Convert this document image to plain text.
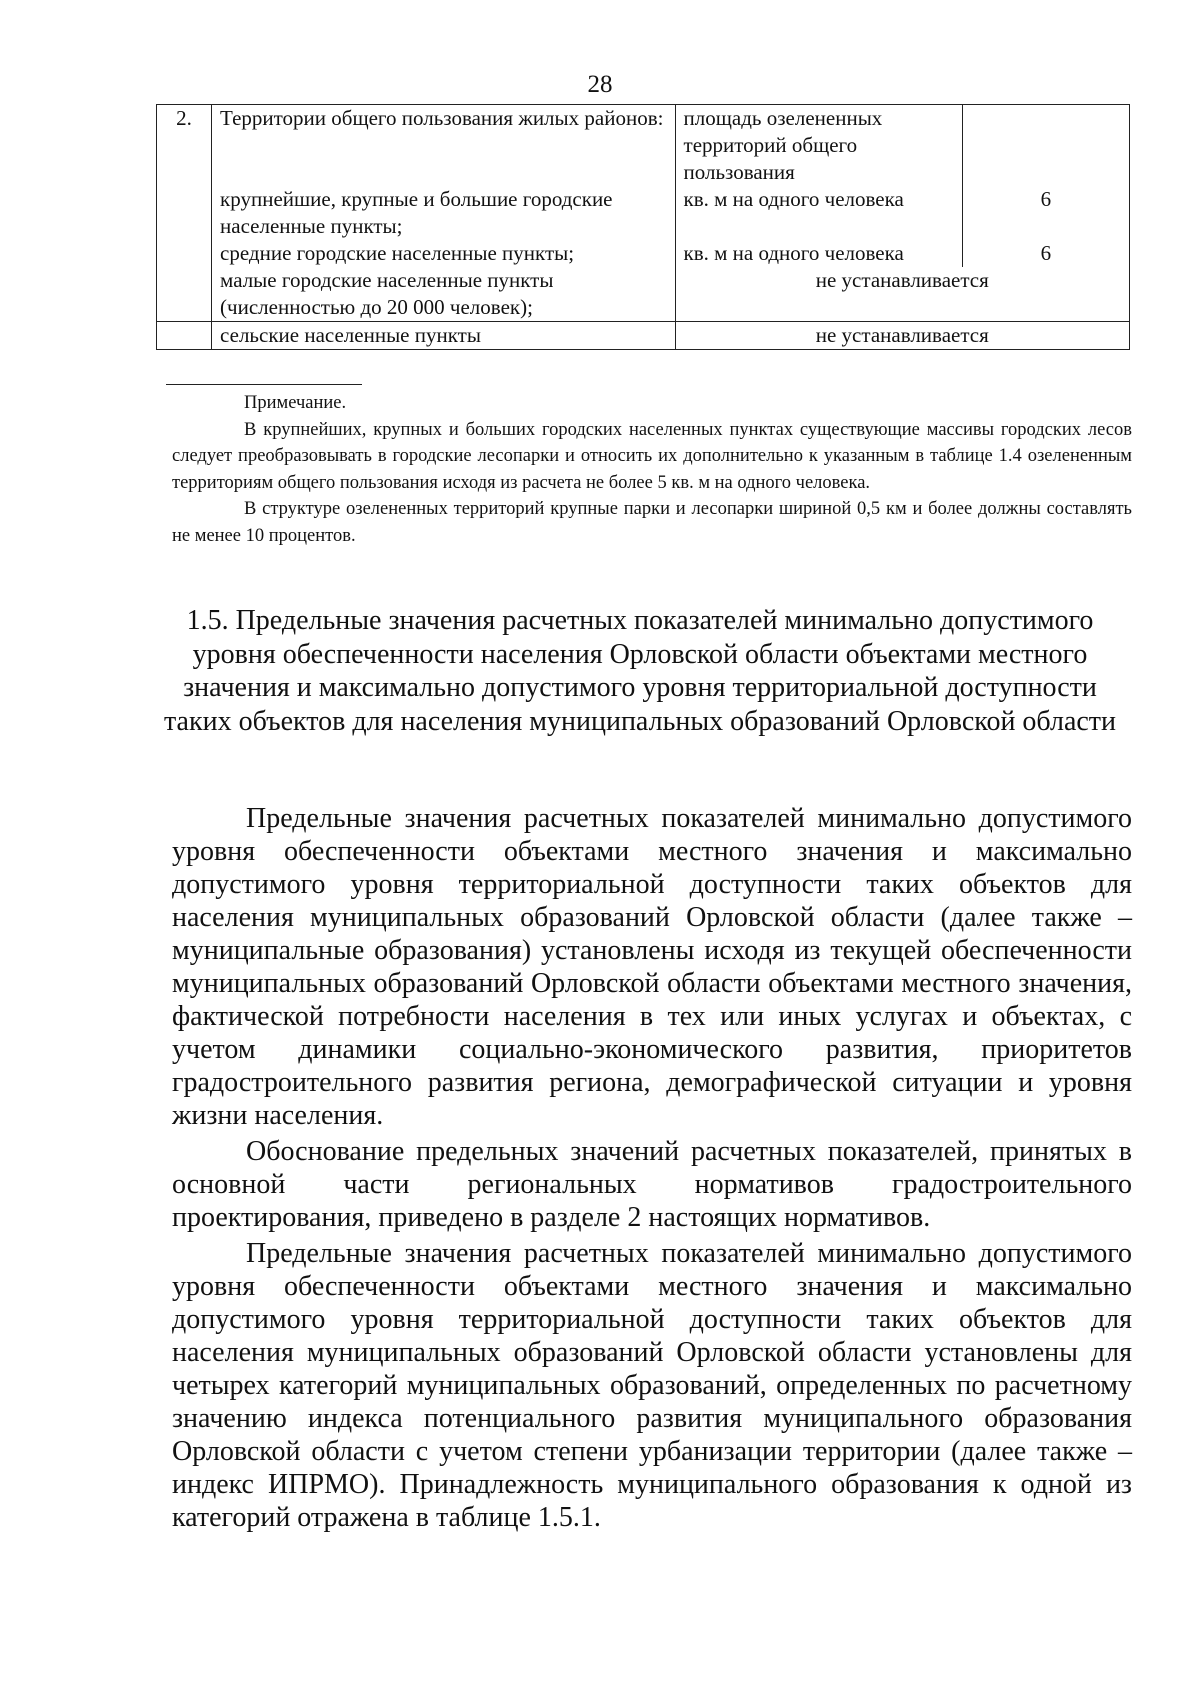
28
2.	Территории общего пользования жилых районов:	площадь озелененных территорий общего пользования	
	крупнейшие, крупные и большие городские населенные пункты;	кв. м на одного человека	6
	средние городские населенные пункты;	кв. м на одного человека	6
	малые городские населенные пункты (численностью до 20 000 человек);	не устанавливается	
	сельские населенные пункты	не устанавливается	

Примечание.

В крупнейших, крупных и больших городских населенных пунктах существующие массивы городских лесов следует преобразовывать в городские лесопарки и относить их дополнительно к указанным в таблице 1.4 озелененным территориям общего пользования исходя из расчета не более 5 кв. м на одного человека.

В структуре озелененных территорий крупные парки и лесопарки шириной 0,5 км и более должны составлять не менее 10 процентов.

1.5. Предельные значения расчетных показателей минимально допустимого уровня обеспеченности населения Орловской области объектами местного значения и максимально допустимого уровня территориальной доступности таких объектов для населения муниципальных образований Орловской области

Предельные значения расчетных показателей минимально допустимого уровня обеспеченности объектами местного значения и максимально допустимого уровня территориальной доступности таких объектов для населения муниципальных образований Орловской области (далее также – муниципальные образования) установлены исходя из текущей обеспеченности муниципальных образований Орловской области объектами местного значения, фактической потребности населения в тех или иных услугах и объектах, с учетом динамики социально-экономического развития, приоритетов градостроительного развития региона, демографической ситуации и уровня жизни населения.

Обоснование предельных значений расчетных показателей, принятых в основной части региональных нормативов градостроительного проектирования, приведено в разделе 2 настоящих нормативов.

Предельные значения расчетных показателей минимально допустимого уровня обеспеченности объектами местного значения и максимально допустимого уровня территориальной доступности таких объектов для населения муниципальных образований Орловской области установлены для четырех категорий муниципальных образований, определенных по расчетному значению индекса потенциального развития муниципального образования Орловской области с учетом степени урбанизации территории (далее также – индекс ИПРМО). Принадлежность муниципального образования к одной из категорий отражена в таблице 1.5.1.
